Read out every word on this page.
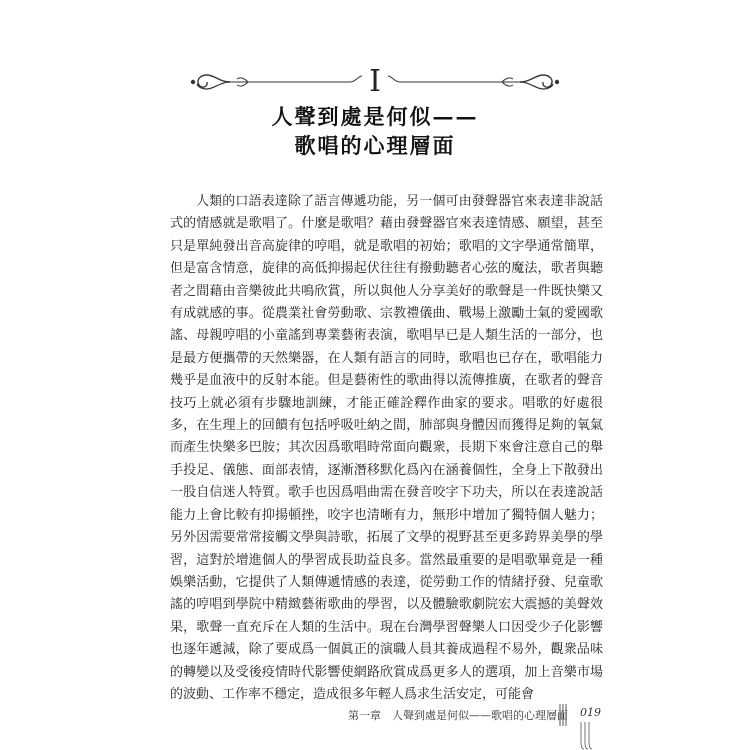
I
人聲到處是何似——
歌唱的心理層面

人類的口語表達除了語言傳遞功能，另一個可由發聲器官來表達非說話式的情感就是歌唱了。什麼是歌唱？藉由發聲器官來表達情感、願望，甚至只是單純發出音高旋律的哼唱，就是歌唱的初始；歌唱的文字學通常簡單，但是富含情意，旋律的高低抑揚起伏往往有撥動聽者心弦的魔法，歌者與聽者之間藉由音樂彼此共鳴欣賞，所以與他人分享美好的歌聲是一件既快樂又有成就感的事。從農業社會勞動歌、宗教禮儀曲、戰場上激勵士氣的愛國歌謠、母親哼唱的小童謠到專業藝術表演，歌唱早已是人類生活的一部分，也是最方便攜帶的天然樂器，在人類有語言的同時，歌唱也已存在，歌唱能力幾乎是血液中的反射本能。但是藝術性的歌曲得以流傳推廣，在歌者的聲音技巧上就必須有步驟地訓練，才能正確詮釋作曲家的要求。唱歌的好處很多，在生理上的回饋有包括呼吸吐納之間，肺部與身體因而獲得足夠的氧氣而產生快樂多巴胺；其次因爲歌唱時常面向觀衆，長期下來會注意自己的舉手投足、儀態、面部表情，逐漸潛移默化爲內在涵養個性，全身上下散發出一股自信迷人特質。歌手也因爲唱曲需在發音咬字下功夫，所以在表達說話能力上會比較有抑揚頓挫，咬字也清晰有力，無形中增加了獨特個人魅力；另外因需要常常接觸文學與詩歌，拓展了文學的視野甚至更多跨界美學的學習，這對於增進個人的學習成長助益良多。當然最重要的是唱歌畢竟是一種娛樂活動，它提供了人類傳遞情感的表達，從勞動工作的情緒抒發、兒童歌謠的哼唱到學院中精緻藝術歌曲的學習，以及體驗歌劇院宏大震撼的美聲效果，歌聲一直充斥在人類的生活中。現在台灣學習聲樂人口因受少子化影響也逐年遞減，除了要成爲一個眞正的演職人員其養成過程不易外，觀衆品味的轉變以及受後疫情時代影響使網路欣賞成爲更多人的選項，加上音樂市場的波動、工作率不穩定，造成很多年輕人爲求生活安定，可能會

第一章　人聲到處是何似——歌唱的心理層面 019
